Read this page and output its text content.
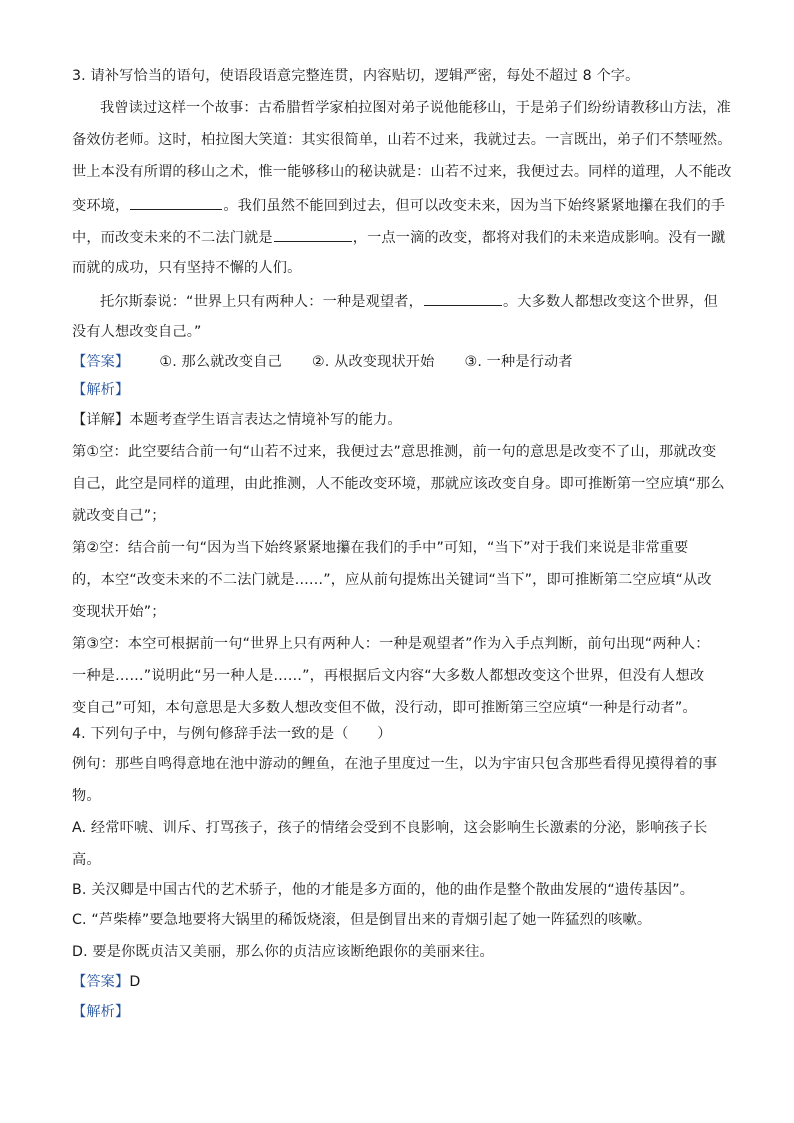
3. 请补写恰当的语句，使语段语意完整连贯，内容贴切，逻辑严密，每处不超过 8 个字。
我曾读过这样一个故事：古希腊哲学家柏拉图对弟子说他能移山，于是弟子们纷纷请教移山方法，准
备效仿老师。这时，柏拉图大笑道：其实很简单，山若不过来，我就过去。一言既出，弟子们不禁哑然。
世上本没有所谓的移山之术，惟一能够移山的秘诀就是：山若不过来，我便过去。同样的道理，人不能改
变环境，	。我们虽然不能回到过去，但可以改变未来，因为当下始终紧紧地攥在我们的手
中，而改变未来的不二法门就是	，一点一滴的改变，都将对我们的未来造成影响。没有一蹴
而就的成功，只有坚持不懈的人们。
托尔斯泰说：“世界上只有两种人：一种是观望者，	。大多数人都想改变这个世界，但
没有人想改变自己。”
【答案】 ①. 那么就改变自己 ②. 从改变现状开始 ③. 一种是行动者
【解析】
【详解】本题考查学生语言表达之情境补写的能力。
第①空：此空要结合前一句“山若不过来，我便过去”意思推测，前一句的意思是改变不了山，那就改变
自己，此空是同样的道理，由此推测，人不能改变环境，那就应该改变自身。即可推断第一空应填“那么
就改变自己”；
第②空：结合前一句“因为当下始终紧紧地攥在我们的手中”可知，“当下”对于我们来说是非常重要
的，本空“改变未来的不二法门就是……”，应从前句提炼出关键词“当下”，即可推断第二空应填“从改
变现状开始”；
第③空：本空可根据前一句“世界上只有两种人：一种是观望者”作为入手点判断，前句出现“两种人：
一种是……”说明此“另一种人是……”，再根据后文内容“大多数人都想改变这个世界，但没有人想改
变自己”可知，本句意思是大多数人想改变但不做，没行动，即可推断第三空应填“一种是行动者”。
4. 下列句子中，与例句修辞手法一致的是（　　）
例句：那些自鸣得意地在池中游动的鲤鱼，在池子里度过一生，以为宇宙只包含那些看得见摸得着的事
物。
A. 经常吓唬、训斥、打骂孩子，孩子的情绪会受到不良影响，这会影响生长激素的分泌，影响孩子长
高。
B. 关汉卿是中国古代的艺术骄子，他的才能是多方面的，他的曲作是整个散曲发展的“遗传基因”。
C. “芦柴棒”要急地要将大锅里的稀饭烧滚，但是倒冒出来的青烟引起了她一阵猛烈的咳嗽。
D. 要是你既贞洁又美丽，那么你的贞洁应该断绝跟你的美丽来往。
【答案】D
【解析】
